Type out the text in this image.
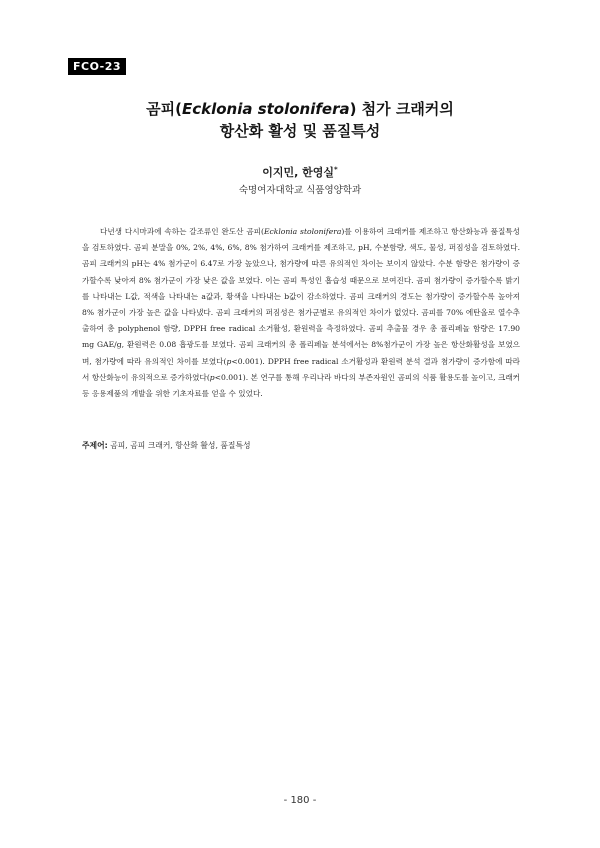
FCO-23
곰피(Ecklonia stolonifera) 첨가 크래커의
항산화 활성 및 품질특성
이지민, 한영실*
숙명여자대학교 식품영양학과

다년생 다시마과에 속하는 갈조류인 완도산 곰피(Ecklonia stolonifera)를 이용하여 크래커를 제조하고 항산화능과 품질특성을 검토하였다. 곰피 분말을 0%, 2%, 4%, 6%, 8% 첨가하여 크래커를 제조하고, pH, 수분함량, 색도, 물성, 퍼짐성을 검토하였다. 곰피 크래커의 pH는 4% 첨가군이 6.47로 가장 높았으나, 첨가량에 따른 유의적인 차이는 보이지 않았다. 수분 함량은 첨가량이 증가할수록 낮아져 8% 첨가군이 가장 낮은 값을 보였다. 이는 곰피 특성인 흡습성 때문으로 보여진다. 곰피 첨가량이 증가할수록 밝기를 나타내는 L값, 적색을 나타내는 a값과, 황색을 나타내는 b값이 감소하였다. 곰피 크래커의 경도는 첨가량이 증가할수록 높아져 8% 첨가군이 가장 높은 값을 나타냈다. 곰피 크래커의 퍼짐성은 첨가군별로 유의적인 차이가 없었다. 곰피를 70% 에탄올로 열수추출하여 총 polyphenol 함량, DPPH free radical 소거활성, 환원력을 측정하였다. 곰피 추출물 경우 총 폴리페놀 함량은 17.90 mg GAE/g, 환원력은 0.08 흡광도를 보였다. 곰피 크래커의 총 폴리페놀 분석에서는 8%첨가군이 가장 높은 항산화활성을 보였으며, 첨가량에 따라 유의적인 차이를 보였다(p<0.001). DPPH free radical 소거활성과 환원력 분석 결과 첨가량이 증가함에 따라서 항산화능이 유의적으로 증가하였다(p<0.001). 본 연구를 통해 우리나라 바다의 부존자원인 곰피의 식품 활용도를 높이고, 크래커 등 응용제품의 개발을 위한 기초자료를 얻을 수 있었다.

주제어: 곰피, 곰피 크래커, 항산화 활성, 품질특성
- 180 -
